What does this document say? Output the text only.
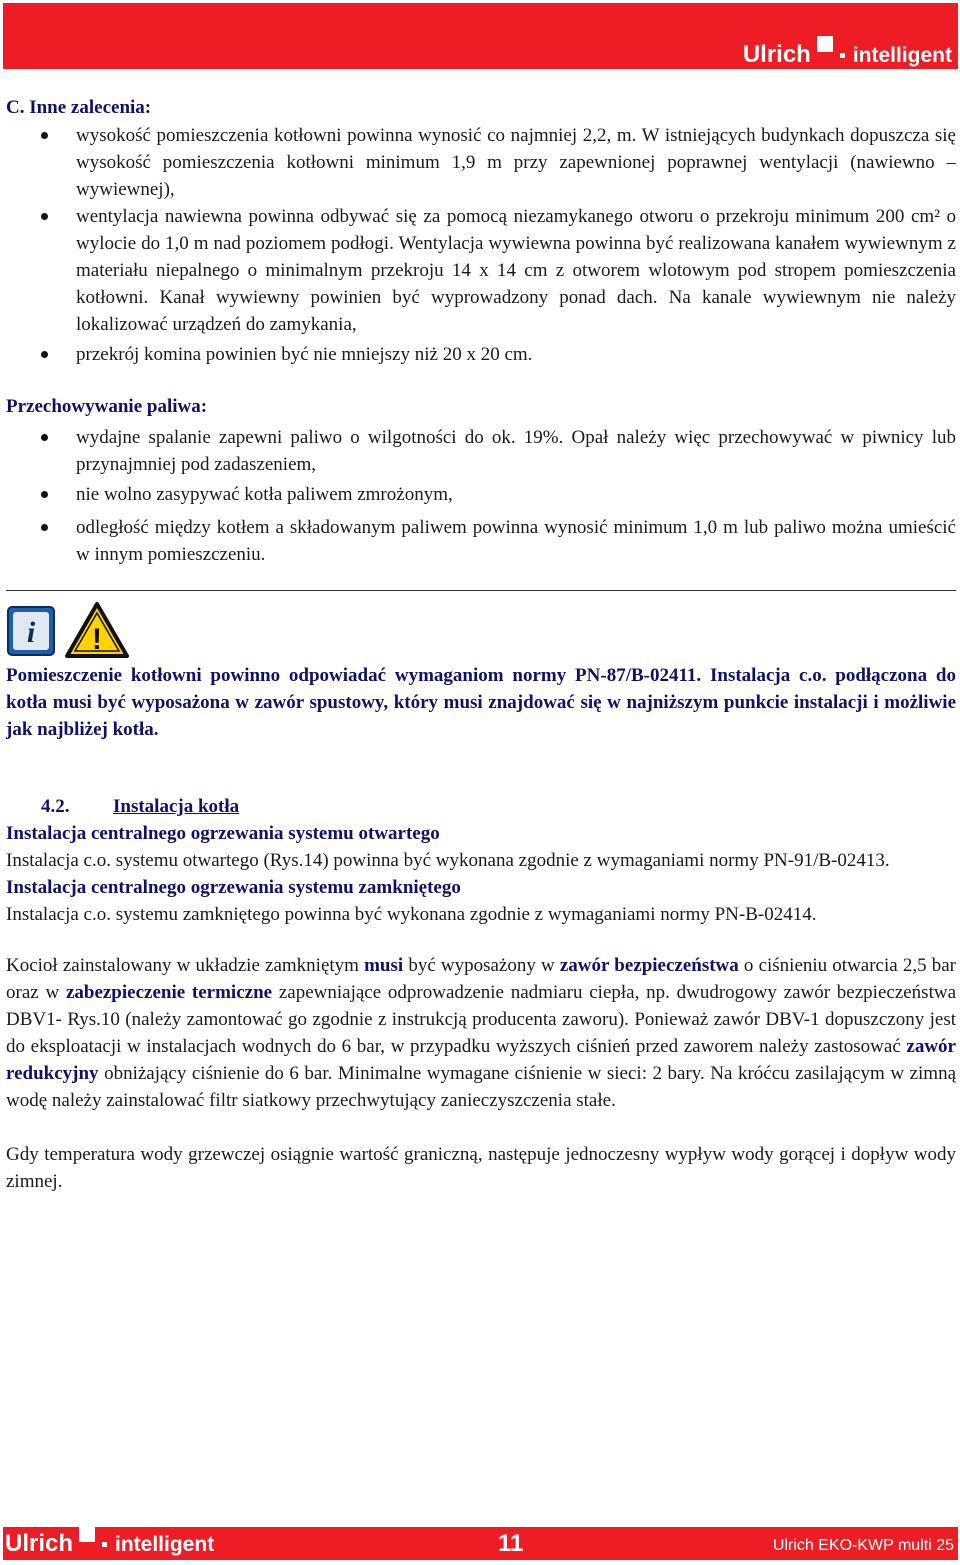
Ulrich intelligent

C. Inne zalecenia:

wysokość pomieszczenia kotłowni powinna wynosić co najmniej 2,2, m. W istniejących budynkach dopuszcza się wysokość pomieszczenia kotłowni minimum 1,9 m przy zapewnionej poprawnej wentylacji (nawiewno – wywiewnej),
wentylacja nawiewna powinna odbywać się za pomocą niezamykanego otworu o przekroju minimum 200 cm² o wylocie do 1,0 m nad poziomem podłogi. Wentylacja wywiewna powinna być realizowana kanałem wywiewnym z materiału niepalnego o minimalnym przekroju 14 x 14 cm z otworem wlotowym pod stropem pomieszczenia kotłowni. Kanał wywiewny powinien być wyprowadzony ponad dach. Na kanale wywiewnym nie należy lokalizować urządzeń do zamykania,
przekrój komina powinien być nie mniejszy niż 20 x 20 cm.

Przechowywanie paliwa:

wydajne spalanie zapewni paliwo o wilgotności do ok. 19%. Opał należy więc przechowywać w piwnicy lub przynajmniej pod zadaszeniem,
nie wolno zasypywać kotła paliwem zmrożonym,
odległość między kotłem a składowanym paliwem powinna wynosić minimum 1,0 m lub paliwo można umieścić w innym pomieszczeniu.
i !

Pomieszczenie kotłowni powinno odpowiadać wymaganiom normy PN-87/B-02411. Instalacja c.o. podłączona do kotła musi być wyposażona w zawór spustowy, który musi znajdować się w najniższym punkcie instalacji i możliwie jak najbliżej kotła.

4.2.	Instalacja kotła

Instalacja centralnego ogrzewania systemu otwartego

Instalacja c.o. systemu otwartego (Rys.14) powinna być wykonana zgodnie z wymaganiami normy PN-91/B-02413.

Instalacja centralnego ogrzewania systemu zamkniętego

Instalacja c.o. systemu zamkniętego powinna być wykonana zgodnie z wymaganiami normy PN-B-02414.

Kocioł zainstalowany w układzie zamkniętym musi być wyposażony w zawór bezpieczeństwa o ciśnieniu otwarcia 2,5 bar oraz w zabezpieczenie termiczne zapewniające odprowadzenie nadmiaru ciepła, np. dwudrogowy zawór bezpieczeństwa DBV1- Rys.10 (należy zamontować go zgodnie z instrukcją producenta zaworu). Ponieważ zawór DBV-1 dopuszczony jest do eksploatacji w instalacjach wodnych do 6 bar, w przypadku wyższych ciśnień przed zaworem należy zastosować zawór redukcyjny obniżający ciśnienie do 6 bar. Minimalne wymagane ciśnienie w sieci: 2 bary. Na króćcu zasilającym w zimną wodę należy zainstalować filtr siatkowy przechwytujący zanieczyszczenia stałe.

Gdy temperatura wody grzewczej osiągnie wartość graniczną, następuje jednoczesny wypływ wody gorącej i dopływ wody zimnej.

Ulrich intelligent	11	Ulrich EKO-KWP multi 25
